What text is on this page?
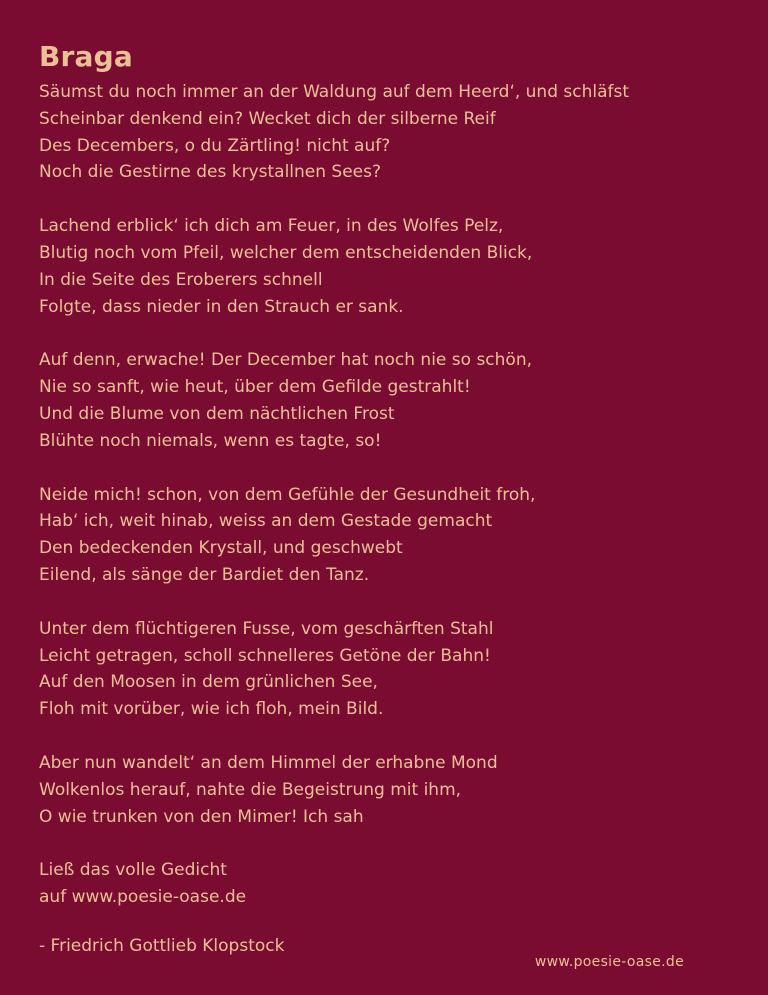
Braga
Säumst du noch immer an der Waldung auf dem Heerd‘, und schläfst
Scheinbar denkend ein? Wecket dich der silberne Reif
Des Decembers, o du Zärtling! nicht auf?
Noch die Gestirne des krystallnen Sees?
Lachend erblick‘ ich dich am Feuer, in des Wolfes Pelz,
Blutig noch vom Pfeil, welcher dem entscheidenden Blick,
In die Seite des Eroberers schnell
Folgte, dass nieder in den Strauch er sank.
Auf denn, erwache! Der December hat noch nie so schön,
Nie so sanft, wie heut, über dem Gefilde gestrahlt!
Und die Blume von dem nächtlichen Frost
Blühte noch niemals, wenn es tagte, so!
Neide mich! schon, von dem Gefühle der Gesundheit froh,
Hab‘ ich, weit hinab, weiss an dem Gestade gemacht
Den bedeckenden Krystall, und geschwebt
Eilend, als sänge der Bardiet den Tanz.
Unter dem flüchtigeren Fusse, vom geschärften Stahl
Leicht getragen, scholl schnelleres Getöne der Bahn!
Auf den Moosen in dem grünlichen See,
Floh mit vorüber, wie ich floh, mein Bild.
Aber nun wandelt‘ an dem Himmel der erhabne Mond
Wolkenlos herauf, nahte die Begeistrung mit ihm,
O wie trunken von den Mimer! Ich sah
Ließ das volle Gedicht
auf www.poesie-oase.de
- Friedrich Gottlieb Klopstock
www.poesie-oase.de
